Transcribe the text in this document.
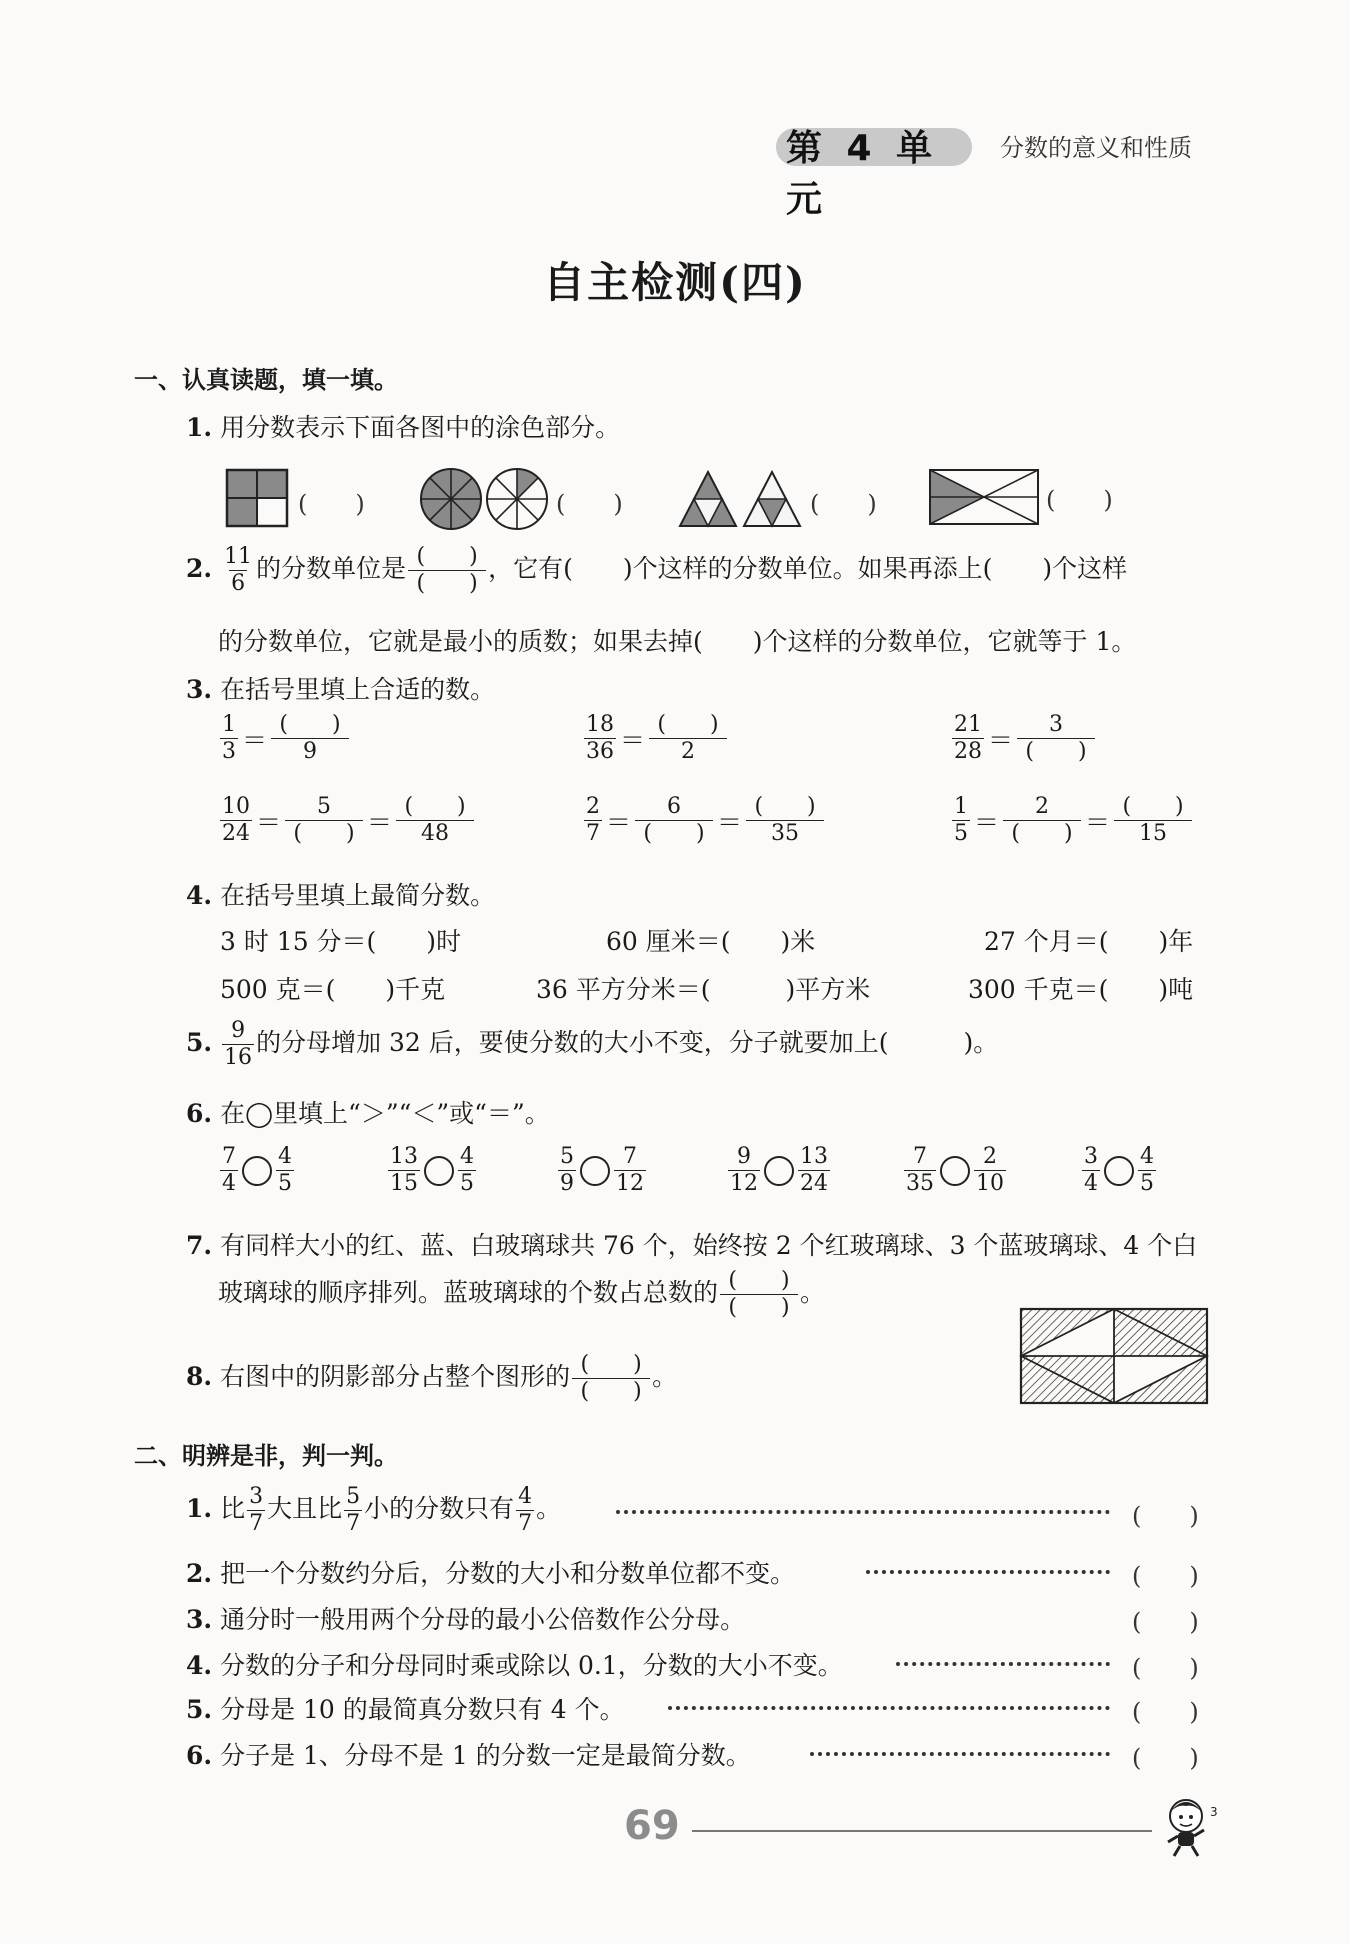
第 4 单元
分数的意义和性质
自主检测(四)
一、认真读题，填一填。
1. 用分数表示下面各图中的涂色部分。
(　　)	(　　)	(　　)	(　　)
2. $\frac{11}{6}$ 的分数单位是 $\frac{( )}{( )}$ ，它有(　　)个这样的分数单位。如果再添上(　　)个这样
的分数单位，它就是最小的质数；如果去掉(　　)个这样的分数单位，它就等于 1。
3. 在括号里填上合适的数。
$\frac{1}{3} = \frac{( )}{9}$	$\frac{18}{36} = \frac{( )}{2}$	$\frac{21}{28} = \frac{3}{( )}$
$\frac{10}{24} = \frac{5}{( )} = \frac{( )}{48}$	$\frac{2}{7} = \frac{6}{( )} = \frac{( )}{35}$	$\frac{1}{5} = \frac{2}{( )} = \frac{( )}{15}$
4. 在括号里填上最简分数。
3 时 15 分＝(　　)时	60 厘米＝(　　)米	27 个月＝(　　)年
500 克＝(　　)千克	36 平方分米＝(　　　)平方米	300 千克＝(　　)吨
5. $\frac{9}{16}$ 的分母增加 32 后，要使分数的大小不变，分子就要加上(　　　)。
6. 在◯里填上“＞”“＜”或“＝”。
$\frac{7}{4} \frac{4}{5}$	$\frac{13}{15} \frac{4}{5}$	$\frac{5}{9} \frac{7}{12}$	$\frac{9}{12} \frac{13}{24}$	$\frac{7}{35} \frac{2}{10}$	$\frac{3}{4} \frac{4}{5}$
7. 有同样大小的红、蓝、白玻璃球共 76 个，始终按 2 个红玻璃球、3 个蓝玻璃球、4 个白
玻璃球的顺序排列。蓝玻璃球的个数占总数的 $\frac{( )}{( )}$ 。
8. 右图中的阴影部分占整个图形的 $\frac{( )}{( )}$ 。
二、明辨是非，判一判。
1. 比 $\frac{3}{7}$ 大且比 $\frac{5}{7}$ 小的分数只有 $\frac{4}{7}$ 。	(　　)
2. 把一个分数约分后，分数的大小和分数单位都不变。	(　　)
3. 通分时一般用两个分母的最小公倍数作公分母。	(　　)
4. 分数的分子和分母同时乘或除以 0.1，分数的大小不变。	(　　)
5. 分母是 10 的最简真分数只有 4 个。	(　　)
6. 分子是 1、分母不是 1 的分数一定是最简分数。	(　　)
69	3
